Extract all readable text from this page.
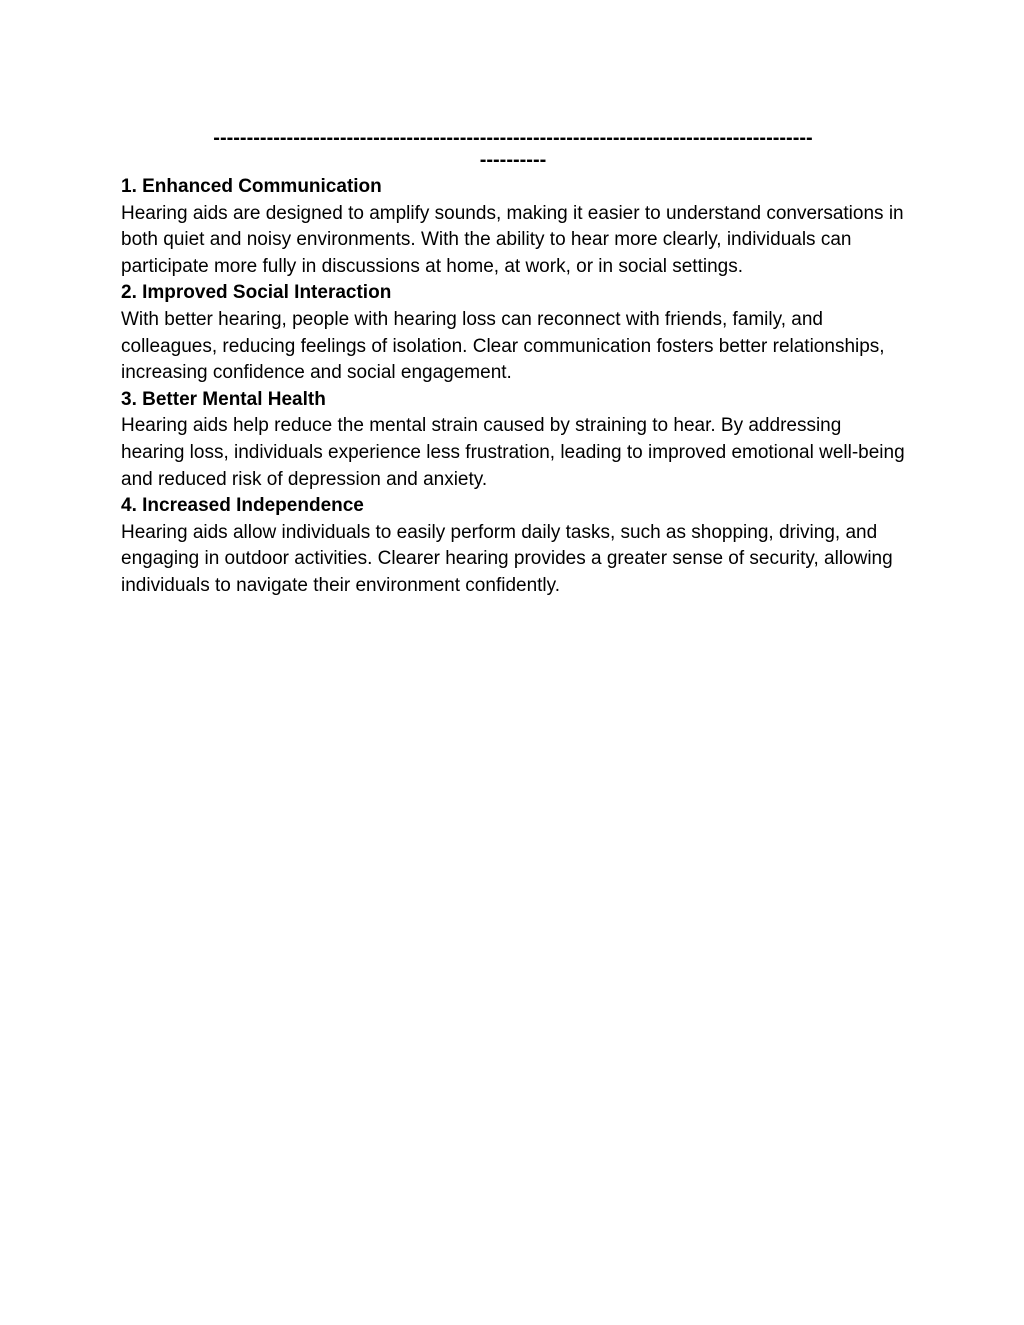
------------------------------------------------------------------------------------------

----------

1. Enhanced Communication

Hearing aids are designed to amplify sounds, making it easier to understand conversations in both quiet and noisy environments. With the ability to hear more clearly, individuals can participate more fully in discussions at home, at work, or in social settings.

2. Improved Social Interaction

With better hearing, people with hearing loss can reconnect with friends, family, and colleagues, reducing feelings of isolation. Clear communication fosters better relationships, increasing confidence and social engagement.

3. Better Mental Health

Hearing aids help reduce the mental strain caused by straining to hear. By addressing hearing loss, individuals experience less frustration, leading to improved emotional well-being and reduced risk of depression and anxiety.

4. Increased Independence

Hearing aids allow individuals to easily perform daily tasks, such as shopping, driving, and engaging in outdoor activities. Clearer hearing provides a greater sense of security, allowing individuals to navigate their environment confidently.
